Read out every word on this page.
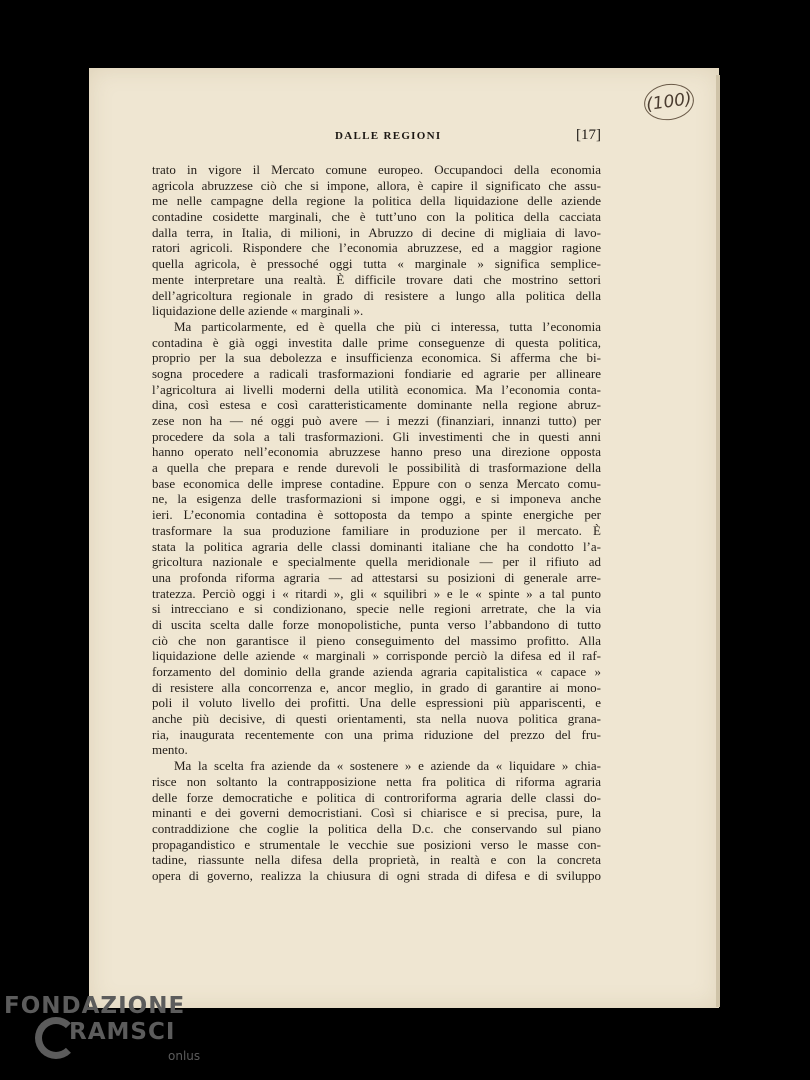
(100)
DALLE REGIONI	[17]
trato in vigore il Mercato comune europeo. Occupandoci della economia
agricola abruzzese ciò che si impone, allora, è capire il significato che assu-
me nelle campagne della regione la politica della liquidazione delle aziende
contadine cosidette marginali, che è tutt’uno con la politica della cacciata
dalla terra, in Italia, di milioni, in Abruzzo di decine di migliaia di lavo-
ratori agricoli. Rispondere che l’economia abruzzese, ed a maggior ragione
quella agricola, è pressoché oggi tutta « marginale » significa semplice-
mente interpretare una realtà. È difficile trovare dati che mostrino settori
dell’agricoltura regionale in grado di resistere a lungo alla politica della
liquidazione delle aziende « marginali ».
Ma particolarmente, ed è quella che più ci interessa, tutta l’economia
contadina è già oggi investita dalle prime conseguenze di questa politica,
proprio per la sua debolezza e insufficienza economica. Si afferma che bi-
sogna procedere a radicali trasformazioni fondiarie ed agrarie per allineare
l’agricoltura ai livelli moderni della utilità economica. Ma l’economia conta-
dina, così estesa e così caratteristicamente dominante nella regione abruz-
zese non ha — né oggi può avere — i mezzi (finanziari, innanzi tutto) per
procedere da sola a tali trasformazioni. Gli investimenti che in questi anni
hanno operato nell’economia abruzzese hanno preso una direzione opposta
a quella che prepara e rende durevoli le possibilità di trasformazione della
base economica delle imprese contadine. Eppure con o senza Mercato comu-
ne, la esigenza delle trasformazioni si impone oggi, e si imponeva anche
ieri. L’economia contadina è sottoposta da tempo a spinte energiche per
trasformare la sua produzione familiare in produzione per il mercato. È
stata la politica agraria delle classi dominanti italiane che ha condotto l’a-
gricoltura nazionale e specialmente quella meridionale — per il rifiuto ad
una profonda riforma agraria — ad attestarsi su posizioni di generale arre-
tratezza. Perciò oggi i « ritardi », gli « squilibri » e le « spinte » a tal punto
si intrecciano e si condizionano, specie nelle regioni arretrate, che la via
di uscita scelta dalle forze monopolistiche, punta verso l’abbandono di tutto
ciò che non garantisce il pieno conseguimento del massimo profitto. Alla
liquidazione delle aziende « marginali » corrisponde perciò la difesa ed il raf-
forzamento del dominio della grande azienda agraria capitalistica « capace »
di resistere alla concorrenza e, ancor meglio, in grado di garantire ai mono-
poli il voluto livello dei profitti. Una delle espressioni più appariscenti, e
anche più decisive, di questi orientamenti, sta nella nuova politica grana-
ria, inaugurata recentemente con una prima riduzione del prezzo del fru-
mento.
Ma la scelta fra aziende da « sostenere » e aziende da « liquidare » chia-
risce non soltanto la contrapposizione netta fra politica di riforma agraria
delle forze democratiche e politica di controriforma agraria delle classi do-
minanti e dei governi democristiani. Così si chiarisce e si precisa, pure, la
contraddizione che coglie la politica della D.c. che conservando sul piano
propagandistico e strumentale le vecchie sue posizioni verso le masse con-
tadine, riassunte nella difesa della proprietà, in realtà e con la concreta
opera di governo, realizza la chiusura di ogni strada di difesa e di sviluppo
FONDAZIONE
RAMSCI
onlus
